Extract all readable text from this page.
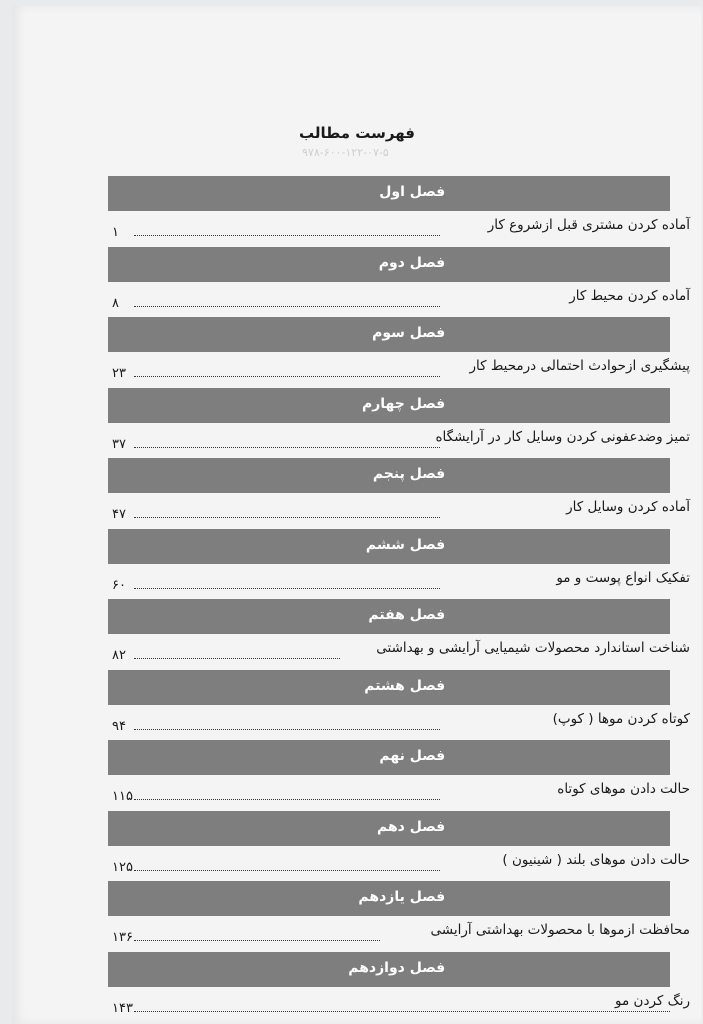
۹۷۸-۶۰۰-۱۲۲-۰۷-۵
فهرست مطالب
فصل اول
آماده کردن مشتری قبل ازشروع کار
۱
فصل دوم
آماده کردن محیط کار
۸
فصل سوم
پیشگیری ازحوادث احتمالی درمحیط کار
۲۳
فصل چهارم
تمیز وضدعفونی کردن وسایل کار در آرایشگاه
۳۷
فصل پنجم
آماده کردن وسایل کار
۴۷
فصل ششم
تفکیک انواع پوست و مو
۶۰
فصل هفتم
شناخت استاندارد محصولات شیمیایی آرایشی و بهداشتی
۸۲
فصل هشتم
کوتاه کردن موها ( کوپ)
۹۴
فصل نهم
حالت دادن موهای کوتاه
۱۱۵
فصل دهم
حالت دادن موهای بلند ( شینیون )
۱۲۵
فصل یازدهم
محافظت ازموها با محصولات بهداشتی آرایشی
۱۳۶
فصل دوازدهم
رنگ کردن مو
۱۴۳
